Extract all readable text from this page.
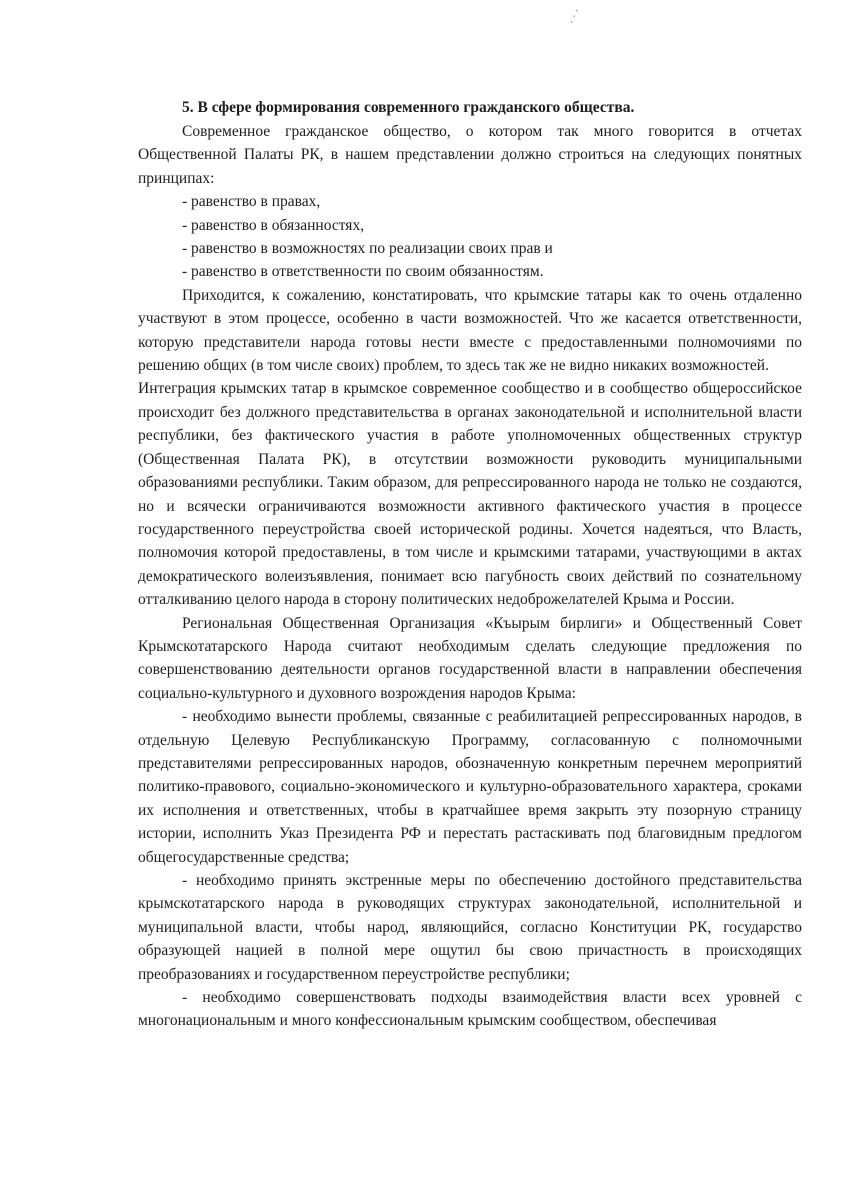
⋰
5. В сфере формирования современного гражданского общества.

Современное гражданское общество, о котором так много говорится в отчетах Общественной Палаты РК, в нашем представлении должно строиться на следующих понятных принципах:

- равенство в правах,

- равенство в обязанностях,

- равенство в возможностях по реализации своих прав и

- равенство в ответственности по своим обязанностям.

Приходится, к сожалению, констатировать, что крымские татары как то очень отдаленно участвуют в этом процессе, особенно в части возможностей. Что же касается ответственности, которую представители народа готовы нести вместе с предоставленными полномочиями по решению общих (в том числе своих) проблем, то здесь так же не видно никаких возможностей.

Интеграция крымских татар в крымское современное сообщество и в сообщество общероссийское происходит без должного представительства в органах законодательной и исполнительной власти республики, без фактического участия в работе уполномоченных общественных структур (Общественная Палата РК), в отсутствии возможности руководить муниципальными образованиями республики. Таким образом, для репрессированного народа не только не создаются, но и всячески ограничиваются возможности активного фактического участия в процессе государственного переустройства своей исторической родины. Хочется надеяться, что Власть, полномочия которой предоставлены, в том числе и крымскими татарами, участвующими в актах демократического волеизъявления, понимает всю пагубность своих действий по сознательному отталкиванию целого народа в сторону политических недоброжелателей Крыма и России.

Региональная Общественная Организация «Къырым бирлиги» и Общественный Совет Крымскотатарского Народа считают необходимым сделать следующие предложения по совершенствованию деятельности органов государственной власти в направлении обеспечения социально-культурного и духовного возрождения народов Крыма:

- необходимо вынести проблемы, связанные с реабилитацией репрессированных народов, в отдельную Целевую Республиканскую Программу, согласованную с полномочными представителями репрессированных народов, обозначенную конкретным перечнем мероприятий политико-правового, социально-экономического и культурно-образовательного характера, сроками их исполнения и ответственных, чтобы в кратчайшее время закрыть эту позорную страницу истории, исполнить Указ Президента РФ и перестать растаскивать под благовидным предлогом общегосударственные средства;

- необходимо принять экстренные меры по обеспечению достойного представительства крымскотатарского народа в руководящих структурах законодательной, исполнительной и муниципальной власти, чтобы народ, являющийся, согласно Конституции РК, государство образующей нацией в полной мере ощутил бы свою причастность в происходящих преобразованиях и государственном переустройстве республики;

- необходимо совершенствовать подходы взаимодействия власти всех уровней с многонациональным и много конфессиональным крымским сообществом, обеспечивая
